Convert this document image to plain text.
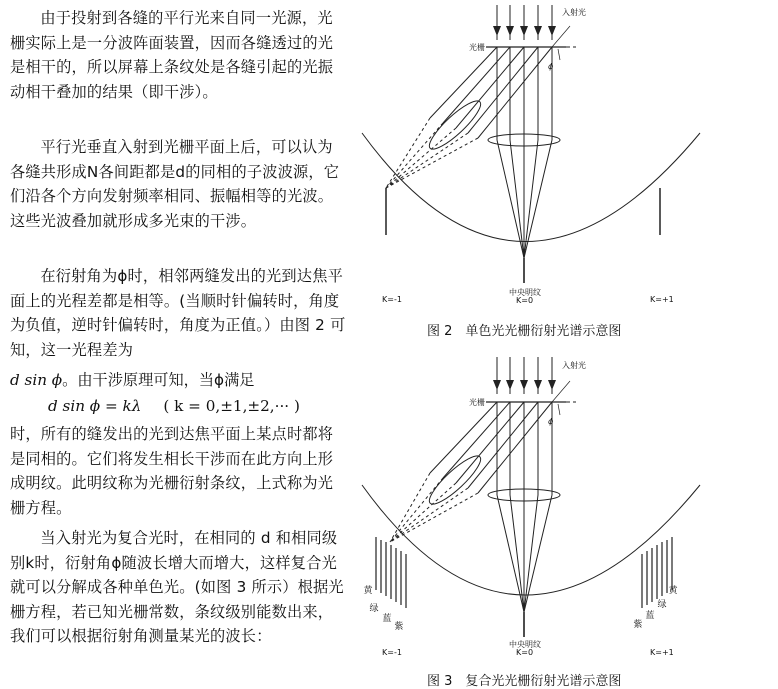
由于投射到各缝的平行光来自同一光源，光栅实际上是一分波阵面装置，因而各缝透过的光是相干的，所以屏幕上条纹处是各缝引起的光振动相干叠加的结果（即干涉）。
平行光垂直入射到光栅平面上后，可以认为各缝共形成N各间距都是d的同相的子波波源，它们沿各个方向发射频率相同、振幅相等的光波。这些光波叠加就形成多光束的干涉。
在衍射角为ϕ时，相邻两缝发出的光到达焦平面上的光程差都是相等。(当顺时针偏转时，角度为负值，逆时针偏转时，角度为正值。）由图 2 可知，这一光程差为
d sin ϕ。由干涉原理可知，当ϕ满足
d sin ϕ = kλ ( k = 0,±1,±2,··· )
时，所有的缝发出的光到达焦平面上某点时都将是同相的。它们将发生相长干涉而在此方向上形成明纹。此明纹称为光栅衍射条纹，上式称为光栅方程。
当入射光为复合光时，在相同的 d 和相同级别k时，衍射角ϕ随波长增大而增大，这样复合光就可以分解成各种单色光。(如图 3 所示）根据光栅方程，若已知光栅常数，条纹级别能数出来，我们可以根据衍射角测量某光的波长：
入射光
光栅
ϕ
中央明纹
K=0
K=-1	K=+1
图 2　单色光光栅衍射光谱示意图
入射光
光栅
ϕ
中央明纹
K=0
K=-1	K=+1
图 3　复合光光栅衍射光谱示意图
黄
绿
蓝
紫	紫
蓝
绿
黄
